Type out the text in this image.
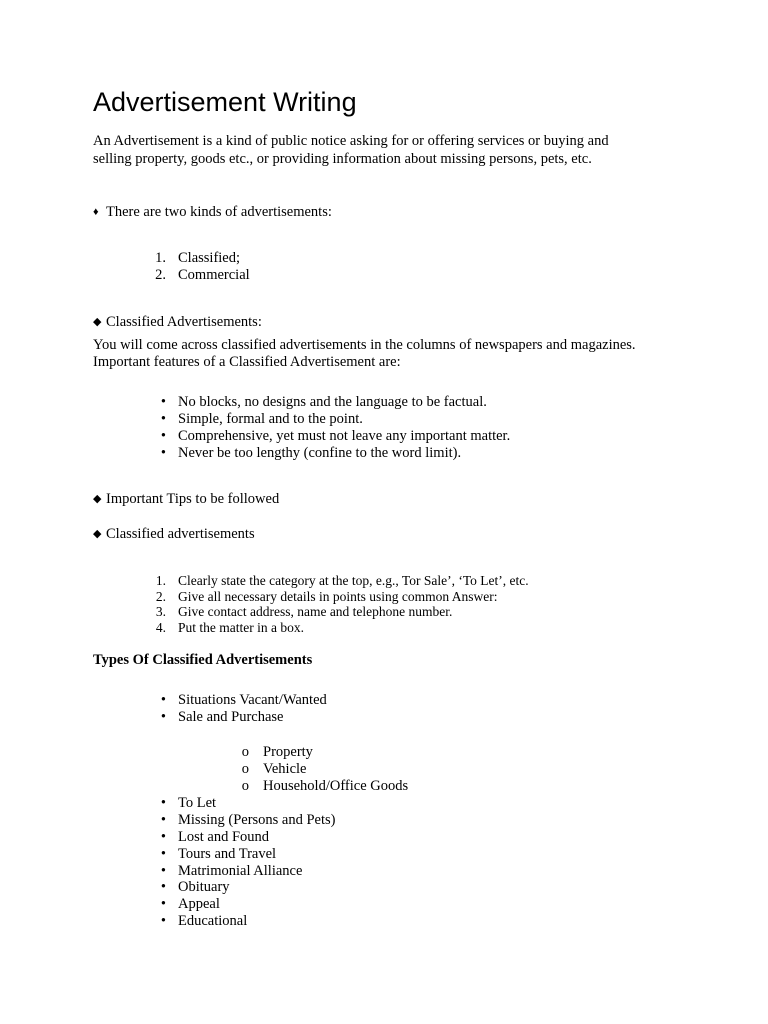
Advertisement Writing

An Advertisement is a kind of public notice asking for or offering services or buying and

selling property, goods etc., or providing information about missing persons, pets, etc.

♦ There are two kinds of advertisements:
1. Classified;
2. Commercial
◆ Classified Advertisements:

You will come across classified advertisements in the columns of newspapers and magazines.

Important features of a Classified Advertisement are:

• No blocks, no designs and the language to be factual.
• Simple, formal and to the point.
• Comprehensive, yet must not leave any important matter.
• Never be too lengthy (confine to the word limit).
◆ Important Tips to be followed
◆ Classified advertisements
1. Clearly state the category at the top, e.g., Tor Sale’, ‘To Let’, etc.
2. Give all necessary details in points using common Answer:
3. Give contact address, name and telephone number.
4. Put the matter in a box.
Types Of Classified Advertisements
• Situations Vacant/Wanted
• Sale and Purchase
o Property
o Vehicle
o Household/Office Goods
• To Let
• Missing (Persons and Pets)
• Lost and Found
• Tours and Travel
• Matrimonial Alliance
• Obituary
• Appeal
• Educational
